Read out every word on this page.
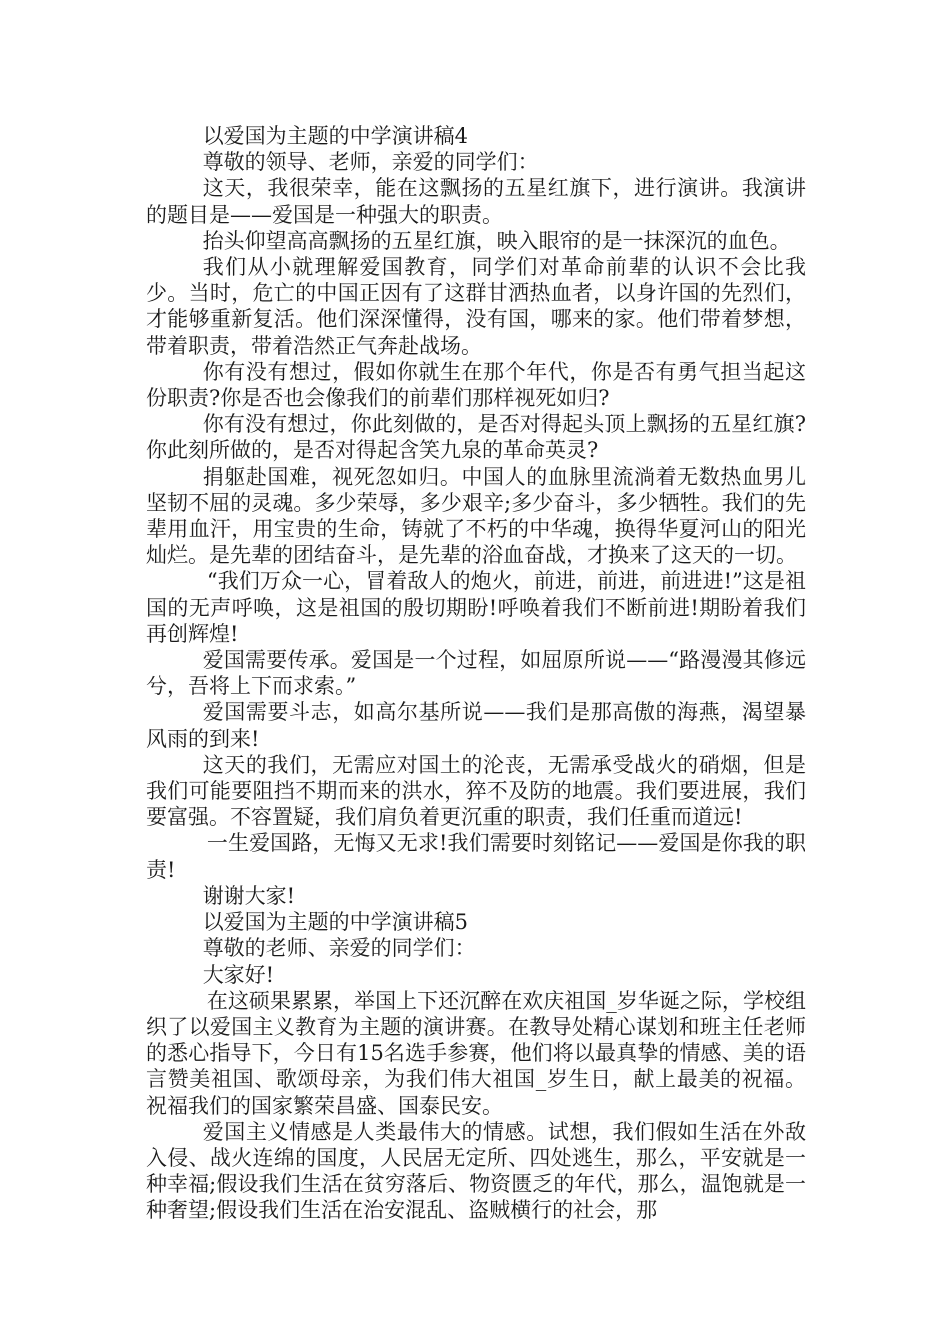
以爱国为主题的中学演讲稿4

尊敬的领导、老师，亲爱的同学们：

这天，我很荣幸，能在这飘扬的五星红旗下，进行演讲。我演讲的题目是——爱国是一种强大的职责。

抬头仰望高高飘扬的五星红旗，映入眼帘的是一抹深沉的血色。

我们从小就理解爱国教育，同学们对革命前辈的认识不会比我少。当时，危亡的中国正因有了这群甘洒热血者，以身许国的先烈们，才能够重新复活。他们深深懂得，没有国，哪来的家。他们带着梦想，带着职责，带着浩然正气奔赴战场。

你有没有想过，假如你就生在那个年代，你是否有勇气担当起这份职责?你是否也会像我们的前辈们那样视死如归?

你有没有想过，你此刻做的，是否对得起头顶上飘扬的五星红旗?你此刻所做的，是否对得起含笑九泉的革命英灵?

捐躯赴国难，视死忽如归。中国人的血脉里流淌着无数热血男儿坚韧不屈的灵魂。多少荣辱，多少艰辛;多少奋斗，多少牺牲。我们的先辈用血汗，用宝贵的生命，铸就了不朽的中华魂，换得华夏河山的阳光灿烂。是先辈的团结奋斗，是先辈的浴血奋战，才换来了这天的一切。

“我们万众一心，冒着敌人的炮火，前进，前进，前进进!”这是祖国的无声呼唤，这是祖国的殷切期盼!呼唤着我们不断前进!期盼着我们再创辉煌!

爱国需要传承。爱国是一个过程，如屈原所说——“路漫漫其修远兮，吾将上下而求索。”

爱国需要斗志，如高尔基所说——我们是那高傲的海燕，渴望暴风雨的到来!

这天的我们，无需应对国土的沦丧，无需承受战火的硝烟，但是我们可能要阻挡不期而来的洪水，猝不及防的地震。我们要进展，我们要富强。不容置疑，我们肩负着更沉重的职责，我们任重而道远!

一生爱国路，无悔又无求!我们需要时刻铭记——爱国是你我的职责!

谢谢大家!

以爱国为主题的中学演讲稿5

尊敬的老师、亲爱的同学们：

大家好!

在这硕果累累，举国上下还沉醉在欢庆祖国_岁华诞之际，学校组织了以爱国主义教育为主题的演讲赛。在教导处精心谋划和班主任老师的悉心指导下，今日有15名选手参赛，他们将以最真挚的情感、美的语言赞美祖国、歌颂母亲，为我们伟大祖国_岁生日，献上最美的祝福。祝福我们的国家繁荣昌盛、国泰民安。

爱国主义情感是人类最伟大的情感。试想，我们假如生活在外敌入侵、战火连绵的国度，人民居无定所、四处逃生，那么，平安就是一种幸福;假设我们生活在贫穷落后、物资匮乏的年代，那么，温饱就是一种奢望;假设我们生活在治安混乱、盗贼横行的社会，那
